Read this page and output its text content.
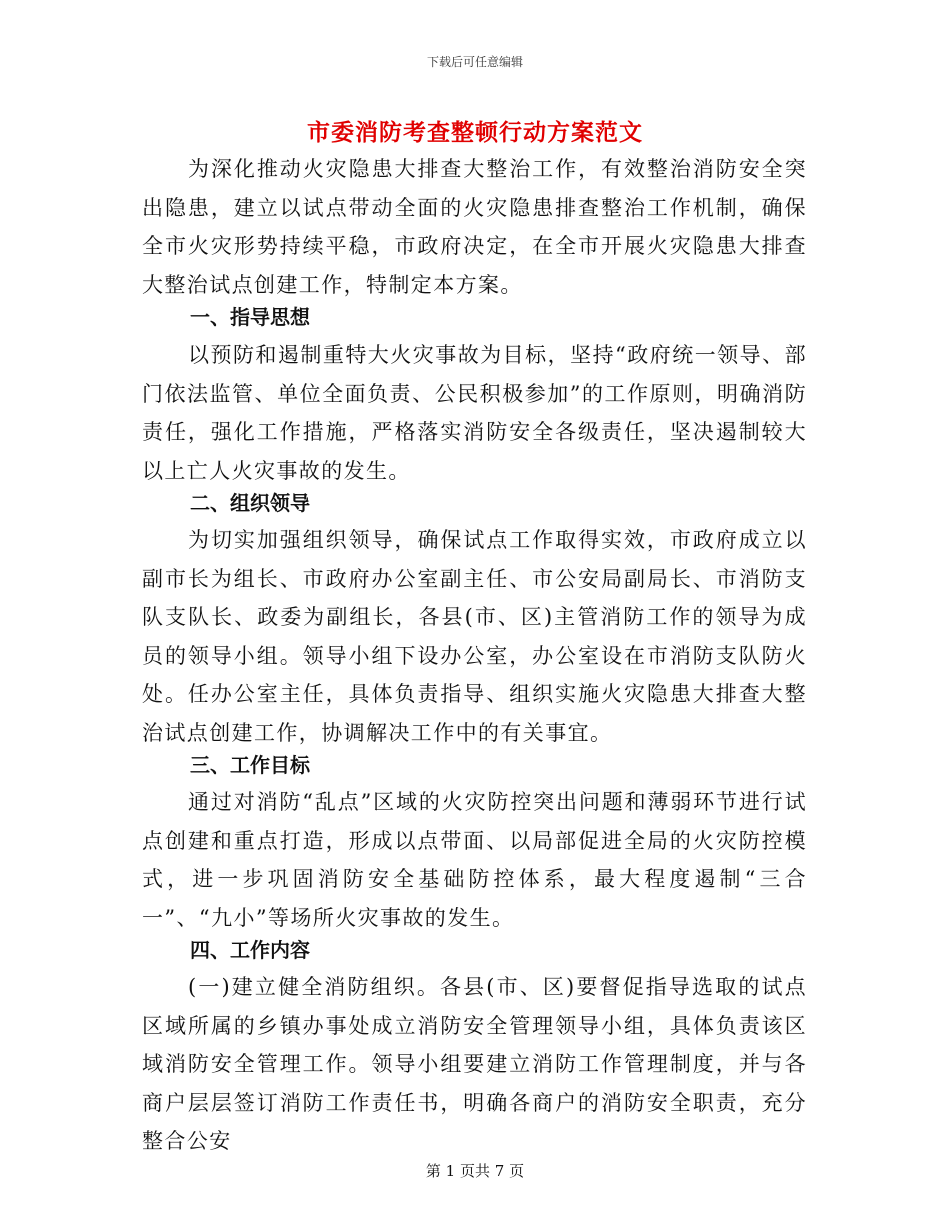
下载后可任意编辑
市委消防考查整顿行动方案范文
为深化推动火灾隐患大排查大整治工作，有效整治消防安全突出隐患，建立以试点带动全面的火灾隐患排查整治工作机制，确保全市火灾形势持续平稳，市政府决定，在全市开展火灾隐患大排查大整治试点创建工作，特制定本方案。
一、指导思想
以预防和遏制重特大火灾事故为目标，坚持“政府统一领导、部门依法监管、单位全面负责、公民积极参加”的工作原则，明确消防责任，强化工作措施，严格落实消防安全各级责任，坚决遏制较大以上亡人火灾事故的发生。
二、组织领导
为切实加强组织领导，确保试点工作取得实效，市政府成立以副市长为组长、市政府办公室副主任、市公安局副局长、市消防支队支队长、政委为副组长，各县(市、区)主管消防工作的领导为成员的领导小组。领导小组下设办公室，办公室设在市消防支队防火处。任办公室主任，具体负责指导、组织实施火灾隐患大排查大整治试点创建工作，协调解决工作中的有关事宜。
三、工作目标
通过对消防“乱点”区域的火灾防控突出问题和薄弱环节进行试点创建和重点打造，形成以点带面、以局部促进全局的火灾防控模式，进一步巩固消防安全基础防控体系，最大程度遏制“三合一”、“九小”等场所火灾事故的发生。
四、工作内容
(一)建立健全消防组织。各县(市、区)要督促指导选取的试点区域所属的乡镇办事处成立消防安全管理领导小组，具体负责该区域消防安全管理工作。领导小组要建立消防工作管理制度，并与各商户层层签订消防工作责任书，明确各商户的消防安全职责，充分整合公安
第 1 页共 7 页
